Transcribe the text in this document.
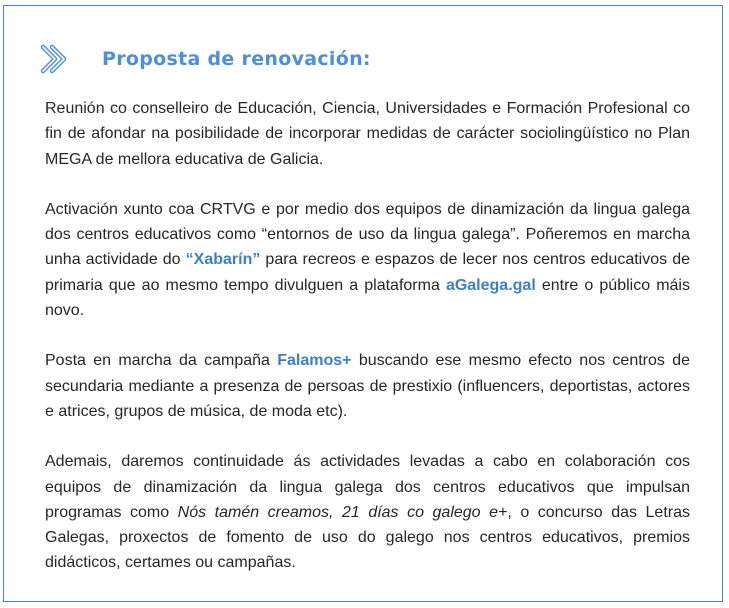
Proposta de renovación:

Reunión co conselleiro de Educación, Ciencia, Universidades e Formación Profesional co fin de afondar na posibilidade de incorporar medidas de carácter sociolingüístico no Plan MEGA de mellora educativa de Galicia.

Activación xunto coa CRTVG e por medio dos equipos de dinamización da lingua galega dos centros educativos como “entornos de uso da lingua galega”. Poñeremos en marcha unha actividade do “Xabarín” para recreos e espazos de lecer nos centros educativos de primaria que ao mesmo tempo divulguen a plataforma aGalega.gal entre o público máis novo.

Posta en marcha da campaña Falamos+ buscando ese mesmo efecto nos centros de secundaria mediante a presenza de persoas de prestixio (influencers, deportistas, actores e atrices, grupos de música, de moda etc).

Ademais, daremos continuidade ás actividades levadas a cabo en colaboración cos equipos de dinamización da lingua galega dos centros educativos que impulsan programas como Nós tamén creamos, 21 días co galego e+, o concurso das Letras Galegas, proxectos de fomento de uso do galego nos centros educativos, premios didácticos, certames ou campañas.
